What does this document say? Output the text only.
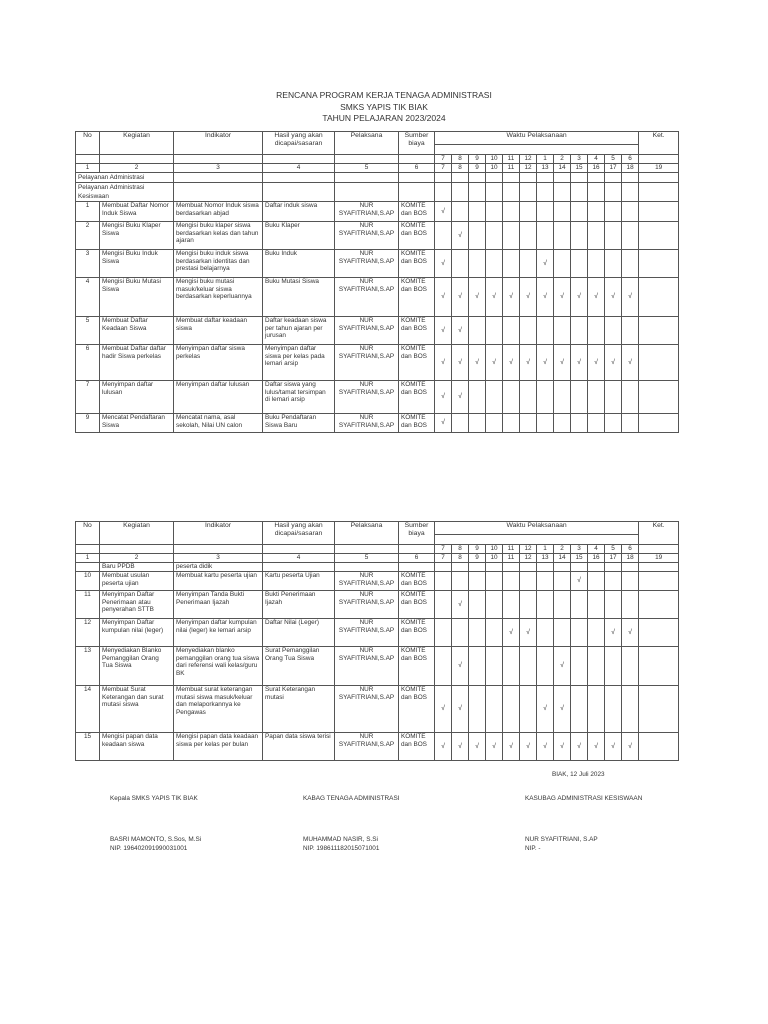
RENCANA PROGRAM KERJA TENAGA ADMINISTRASI
SMKS YAPIS TIK BIAK
TAHUN PELAJARAN 2023/2024
No	Kegiatan	Indikator	Hasil yang akan dicapai/sasaran	Pelaksana	Sumber biaya	Waktu Pelaksanaan												Ket.

						7	8	9	10	11	12	1	2	3	4	5	6	
1	2	3	4	5	6	7	8	9	10	11	12	13	14	15	16	17	18	19
Pelayanan Administrasi																		
Pelayanan Administrasi Kesiswaan																		
1	Membuat Daftar Nomor Induk Siswa	Membuat Nomor Induk siswa berdasarkan abjad	Daftar induk siswa	NUR SYAFITRIANI,S.AP	KOMITE dan BOS	√												
2	Mengisi Buku Klaper Siswa	Mengisi buku klaper siswa berdasarkan kelas dan tahun ajaran	Buku Klaper	NUR SYAFITRIANI,S.AP	KOMITE dan BOS		√											
3	Mengisi Buku Induk Siswa	Mengisi buku induk siswa berdasarkan identitas dan prestasi belajarnya	Buku Induk	NUR SYAFITRIANI,S.AP	KOMITE dan BOS	√						√						
4	Mengisi Buku Mutasi Siswa	Mengisi buku mutasi masuk/keluar siswa berdasarkan keperluannya	Buku Mutasi Siswa	NUR SYAFITRIANI,S.AP	KOMITE dan BOS	√	√	√	√	√	√	√	√	√	√	√	√	
5	Membuat Daftar Keadaan Siswa	Membuat daftar keadaan siswa	Daftar keadaan siswa per tahun ajaran per jurusan	NUR SYAFITRIANI,S.AP	KOMITE dan BOS	√	√											
6	Membuat Daftar daftar hadir Siswa perkelas	Menyimpan daftar siswa perkelas	Menyimpan daftar siswa per kelas pada lemari arsip	NUR SYAFITRIANI,S.AP	KOMITE dan BOS	√	√	√	√	√	√	√	√	√	√	√	√	
7	Menyimpan daftar lulusan	Menyimpan daftar lulusan	Daftar siswa yang lulus/tamat tersimpan di lemari arsip	NUR SYAFITRIANI,S.AP	KOMITE dan BOS	√	√											
9	Mencatat Pendaftaran Siswa	Mencatat nama, asal sekolah, Nilai UN calon	Buku Pendaftaran Siswa Baru	NUR SYAFITRIANI,S.AP	KOMITE dan BOS	√												
No	Kegiatan	Indikator	Hasil yang akan dicapai/sasaran	Pelaksana	Sumber biaya	Waktu Pelaksanaan												Ket.

						7	8	9	10	11	12	1	2	3	4	5	6	
1	2	3	4	5	6	7	8	9	10	11	12	13	14	15	16	17	18	19
	Baru PPDB	peserta didik																
10	Membuat usulan peserta ujian	Membuat kartu peserta ujian	Kartu peserta Ujian	NUR SYAFITRIANI,S.AP	KOMITE dan BOS									√				
11	Menyimpan Daftar Penerimaan atau penyerahan STTB	Menyimpan Tanda Bukti Penerimaan Ijazah	Bukti Penerimaan Ijazah	NUR SYAFITRIANI,S.AP	KOMITE dan BOS		√											
12	Menyimpan Daftar kumpulan nilai (leger)	Menyimpan daftar kumpulan nilai (leger) ke lemari arsip	Daftar Nilai (Leger)	NUR SYAFITRIANI,S.AP	KOMITE dan BOS					√	√					√	√	
13	Menyediakan Blanko Pemanggilan Orang Tua Siswa	Menyediakan blanko pemanggilan orang tua siswa dari referensi wali kelas/guru BK	Surat Pemanggilan Orang Tua Siswa	NUR SYAFITRIANI,S.AP	KOMITE dan BOS		√						√					
14	Membuat Surat Keterangan dan surat mutasi siswa	Membuat surat keterangan mutasi siswa masuk/keluar dan melaporkannya ke Pengawas	Surat Keterangan mutasi	NUR SYAFITRIANI,S.AP	KOMITE dan BOS	√	√					√	√					
15	Mengisi papan data keadaan siswa	Mengisi papan data keadaan siswa per kelas per bulan	Papan data siswa terisi	NUR SYAFITRIANI,S.AP	KOMITE dan BOS	√	√	√	√	√	√	√	√	√	√	√	√	
BIAK, 12 Juli 2023
Kepala SMKS YAPIS TIK BIAK	KABAG TENAGA ADMINISTRASI	KASUBAG ADMINISTRASI KESISWAAN
BASRI MAMONTO, S.Sos, M.Si
NIP. 196402091990031001
MUHAMMAD NASIR, S.Si
NIP. 198611182015071001
NUR SYAFITRIANI, S.AP
NIP. -
